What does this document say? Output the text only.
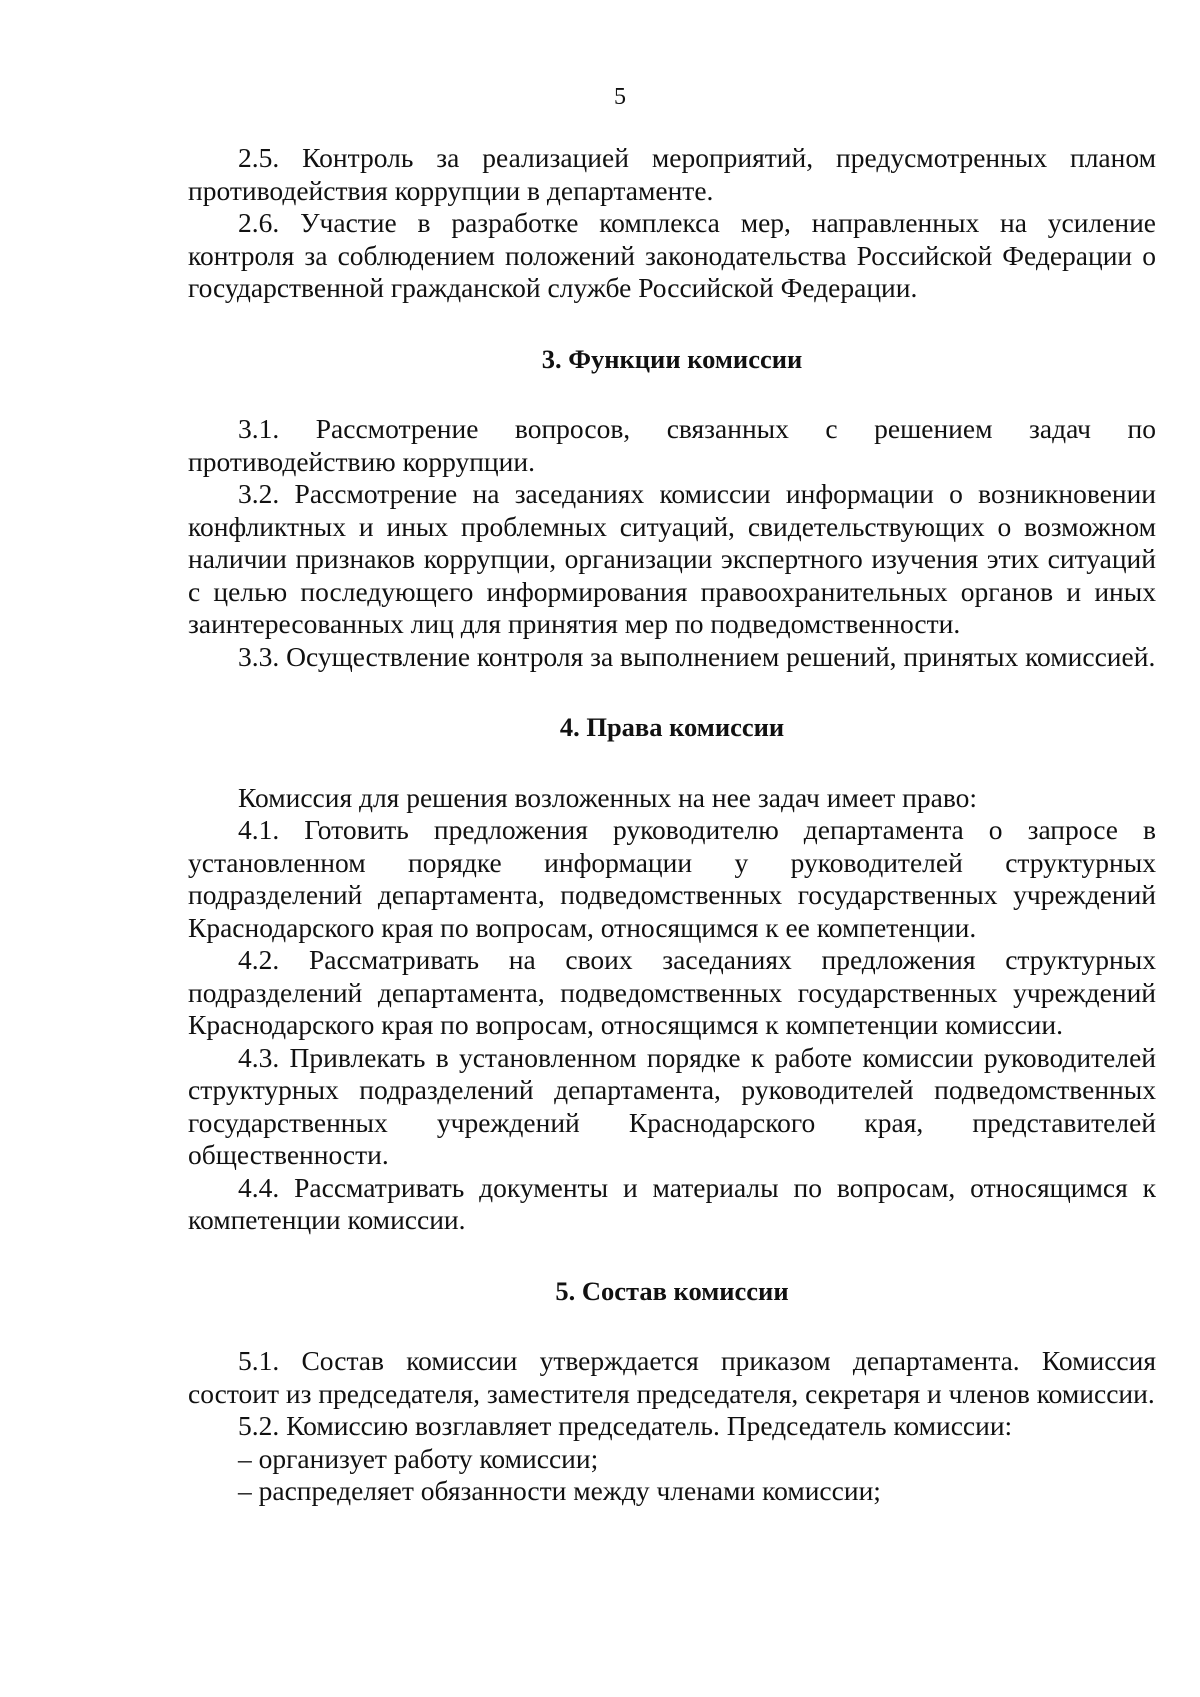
5

2.5. Контроль за реализацией мероприятий, предусмотренных планом противодействия коррупции в департаменте.

2.6. Участие в разработке комплекса мер, направленных на усиление контроля за соблюдением положений законодательства Российской Федерации о государственной гражданской службе Российской Федерации.

3. Функции комиссии

3.1. Рассмотрение вопросов, связанных с решением задач по противодействию коррупции.

3.2. Рассмотрение на заседаниях комиссии информации о возникновении конфликтных и иных проблемных ситуаций, свидетельствующих о возможном наличии признаков коррупции, организации экспертного изучения этих ситуаций с целью последующего информирования правоохранительных органов и иных заинтересованных лиц для принятия мер по подведомственности.

3.3. Осуществление контроля за выполнением решений, принятых комиссией.

4. Права комиссии

Комиссия для решения возложенных на нее задач имеет право:

4.1. Готовить предложения руководителю департамента о запросе в установленном порядке информации у руководителей структурных подразделений департамента, подведомственных государственных учреждений Краснодарского края по вопросам, относящимся к ее компетенции.

4.2. Рассматривать на своих заседаниях предложения структурных подразделений департамента, подведомственных государственных учреждений Краснодарского края по вопросам, относящимся к компетенции комиссии.

4.3. Привлекать в установленном порядке к работе комиссии руководителей структурных подразделений департамента, руководителей подведомственных государственных учреждений Краснодарского края, представителей общественности.

4.4. Рассматривать документы и материалы по вопросам, относящимся к компетенции комиссии.

5. Состав комиссии

5.1. Состав комиссии утверждается приказом департамента. Комиссия состоит из председателя, заместителя председателя, секретаря и членов комиссии.

5.2. Комиссию возглавляет председатель. Председатель комиссии:

– организует работу комиссии;

– распределяет обязанности между членами комиссии;
